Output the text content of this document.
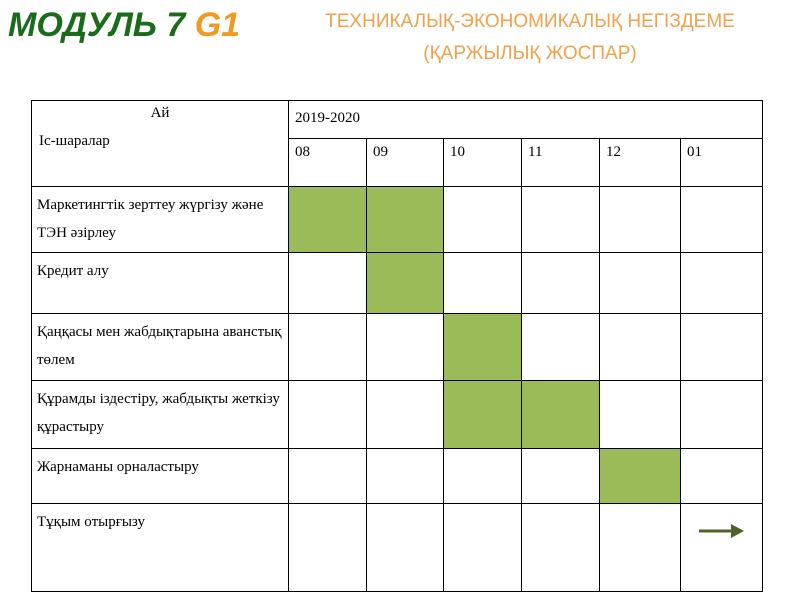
МОДУЛЬ 7 G1	ТЕХНИКАЛЫҚ-ЭКОНОМИКАЛЫҚ НЕГІЗДЕМЕ
(ҚАРЖЫЛЫҚ ЖОСПАР)
Ай
Іс-шаралар	2019-2020					
	08	09	10	11	12	01
Маркетингтік зерттеу жүргізу және ТЭН әзірлеу						
Кредит алу						
Қаңқасы мен жабдықтарына аванстық төлем						
Құрамды іздестіру, жабдықты жеткізу құрастыру						
Жарнаманы орналастыру						
Тұқым отырғызу						
